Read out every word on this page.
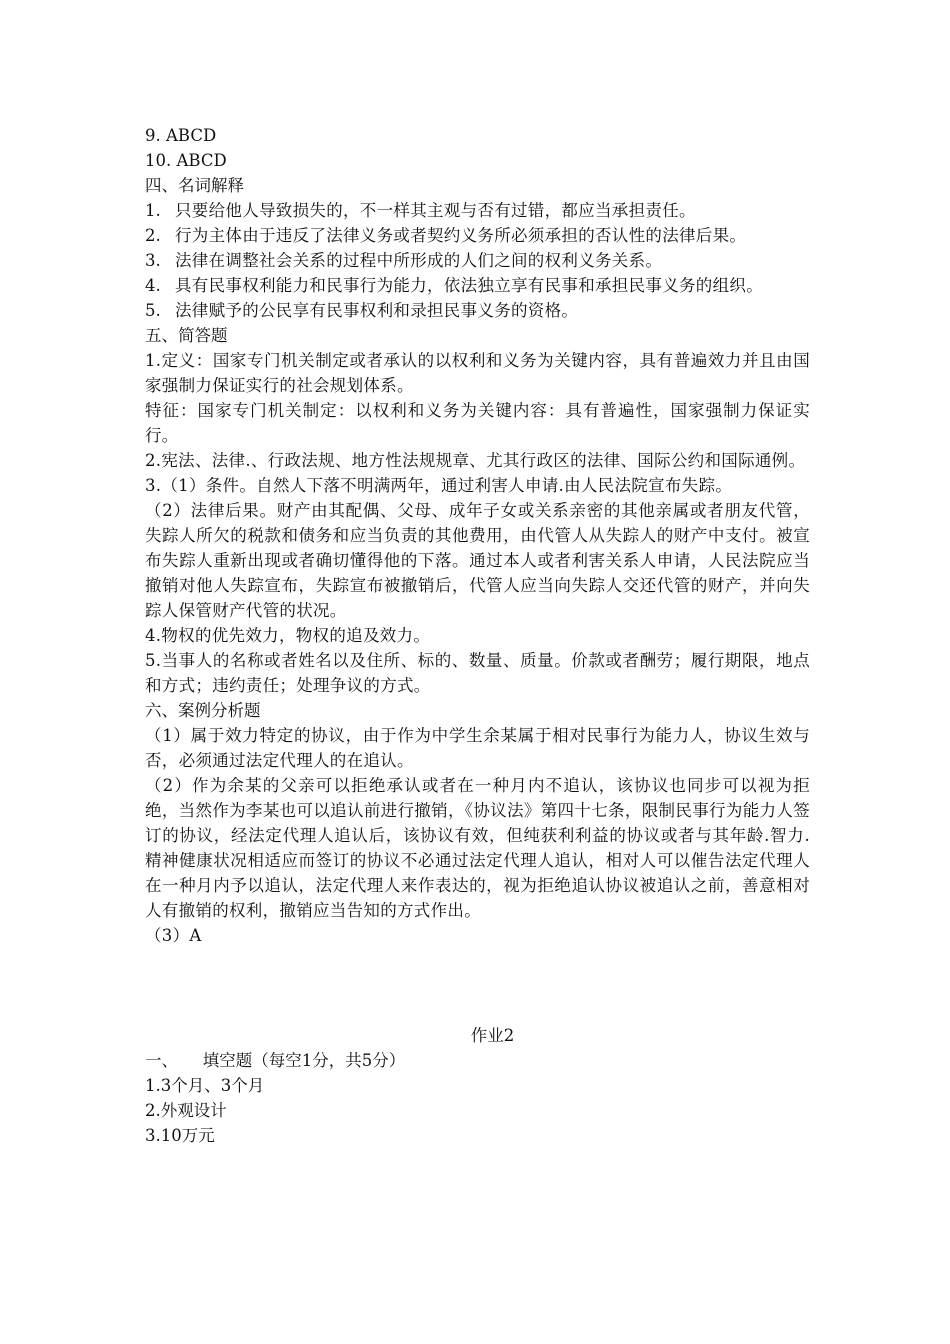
9. ABCD
10. ABCD
四、名词解释
1. 只要给他人导致损失的，不一样其主观与否有过错，都应当承担责任。
2. 行为主体由于违反了法律义务或者契约义务所必须承担的否认性的法律后果。
3. 法律在调整社会关系的过程中所形成的人们之间的权利义务关系。
4. 具有民事权利能力和民事行为能力，依法独立享有民事和承担民事义务的组织。
5. 法律赋予的公民享有民事权利和录担民事义务的资格。
五、简答题
1.定义：国家专门机关制定或者承认的以权利和义务为关键内容，具有普遍效力并且由国家强制力保证实行的社会规划体系。
特征：国家专门机关制定：以权利和义务为关键内容：具有普遍性，国家强制力保证实行。
2.宪法、法律.、行政法规、地方性法规规章、尤其行政区的法律、国际公约和国际通例。
3.（1）条件。自然人下落不明满两年，通过利害人申请.由人民法院宣布失踪。
（2）法律后果。财产由其配偶、父母、成年子女或关系亲密的其他亲属或者朋友代管，失踪人所欠的税款和债务和应当负责的其他费用，由代管人从失踪人的财产中支付。被宣布失踪人重新出现或者确切懂得他的下落。通过本人或者利害关系人申请，人民法院应当撤销对他人失踪宣布，失踪宣布被撤销后，代管人应当向失踪人交还代管的财产，并向失踪人保管财产代管的状况。
4.物权的优先效力，物权的追及效力。
5.当事人的名称或者姓名以及住所、标的、数量、质量。价款或者酬劳；履行期限，地点和方式；违约责任；处理争议的方式。
六、案例分析题
（1）属于效力特定的协议，由于作为中学生余某属于相对民事行为能力人，协议生效与否，必须通过法定代理人的在追认。
（2）作为余某的父亲可以拒绝承认或者在一种月内不追认，该协议也同步可以视为拒绝，当然作为李某也可以追认前进行撤销，《协议法》第四十七条，限制民事行为能力人签订的协议，经法定代理人追认后，该协议有效，但纯获利利益的协议或者与其年龄.智力.精神健康状况相适应而签订的协议不必通过法定代理人追认，相对人可以催告法定代理人在一种月内予以追认，法定代理人来作表达的，视为拒绝追认协议被追认之前，善意相对人有撤销的权利，撤销应当告知的方式作出。
（3）A
作业2
一、　　填空题（每空1分，共5分）
1.3个月、3个月
2.外观设计
3.10万元
